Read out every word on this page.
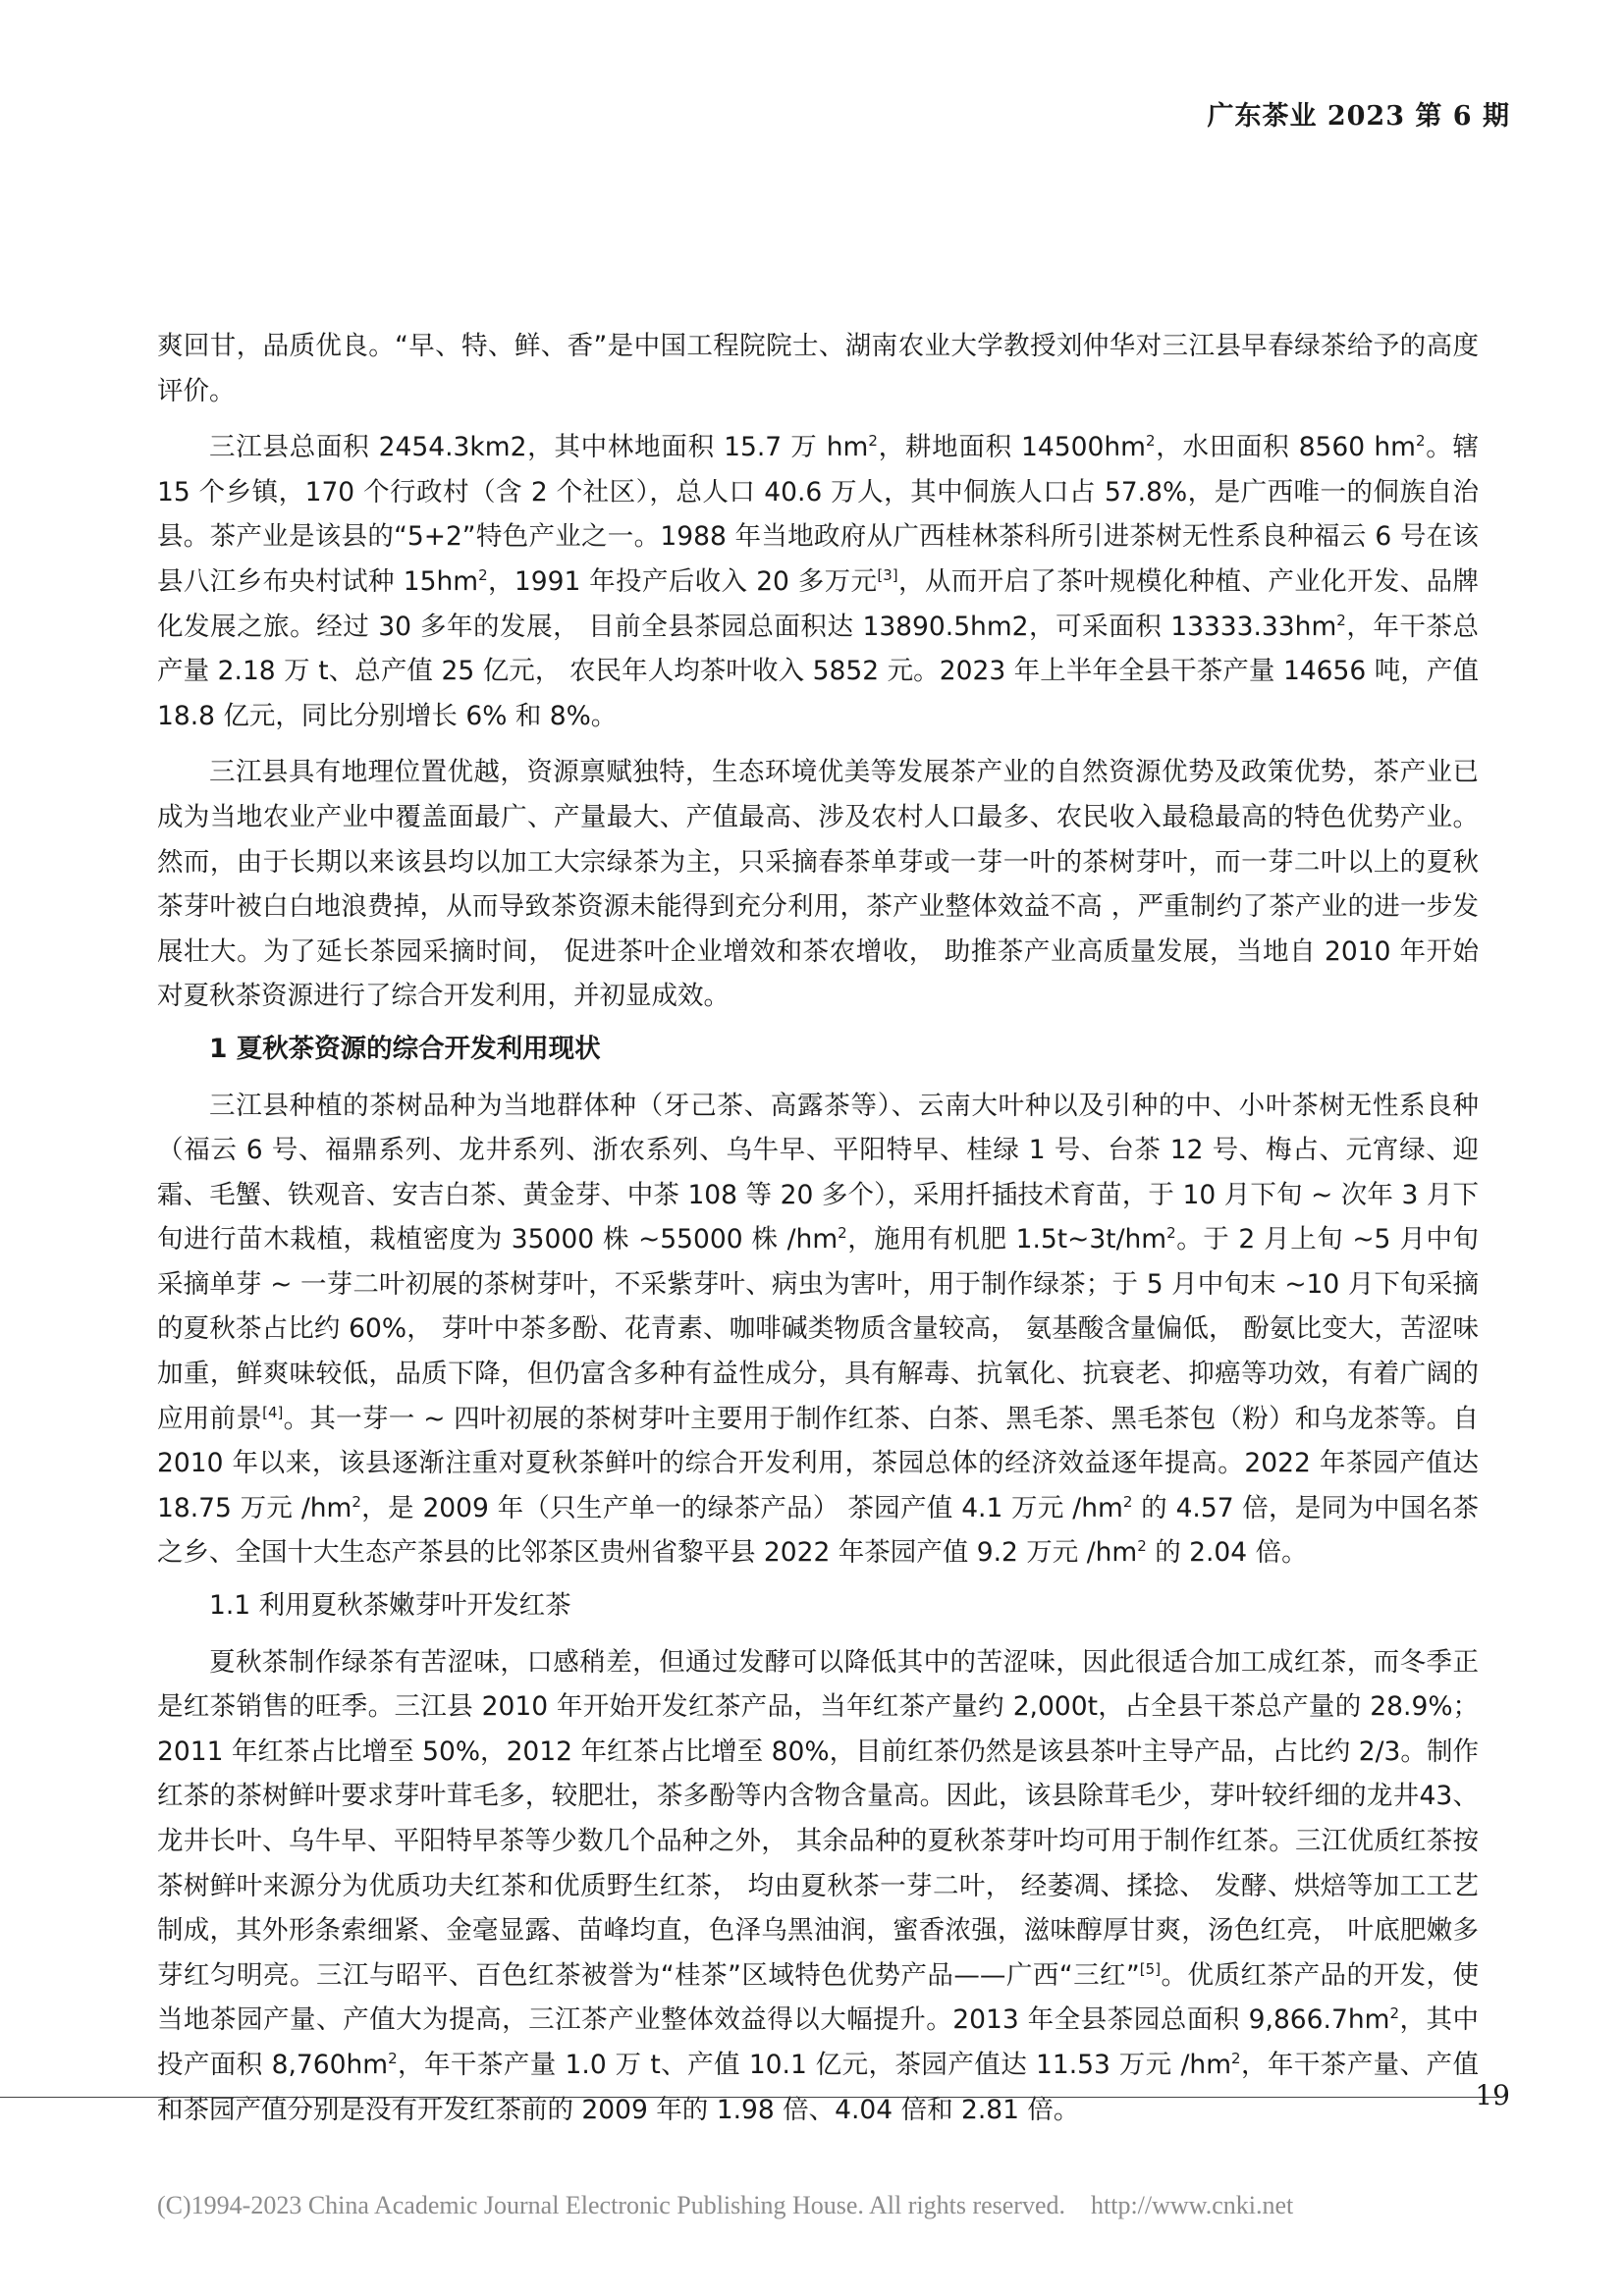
广东茶业 2023 第 6 期

爽回甘，品质优良。“早、特、鲜、香”是中国工程院院士、湖南农业大学教授刘仲华对三江县早春绿茶给予的高度评价。

三江县总面积 2454.3km2，其中林地面积 15.7 万 $hm^2$，耕地面积 $14500hm^2$，水田面积 8560 $hm^2$。辖 15 个乡镇，170 个行政村（含 2 个社区），总人口 40.6 万人，其中侗族人口占 57.8%，是广西唯一的侗族自治县。茶产业是该县的“5+2”特色产业之一。1988 年当地政府从广西桂林茶科所引进茶树无性系良种福云 6 号在该县八江乡布央村试种 $15hm^2$，1991 年投产后收入 20 多万元[3]，从而开启了茶叶规模化种植、产业化开发、品牌化发展之旅。经过 30 多年的发展， 目前全县茶园总面积达 13890.5hm2，可采面积 $13333.33hm^2$，年干茶总产量 2.18 万 t、总产值 25 亿元， 农民年人均茶叶收入 5852 元。2023 年上半年全县干茶产量 14656 吨，产值 18.8 亿元，同比分别增长 6% 和 8%。

三江县具有地理位置优越，资源禀赋独特，生态环境优美等发展茶产业的自然资源优势及政策优势，茶产业已成为当地农业产业中覆盖面最广、产量最大、产值最高、涉及农村人口最多、农民收入最稳最高的特色优势产业。然而，由于长期以来该县均以加工大宗绿茶为主，只采摘春茶单芽或一芽一叶的茶树芽叶，而一芽二叶以上的夏秋茶芽叶被白白地浪费掉，从而导致茶资源未能得到充分利用，茶产业整体效益不高 ，严重制约了茶产业的进一步发展壮大。为了延长茶园采摘时间， 促进茶叶企业增效和茶农增收， 助推茶产业高质量发展，当地自 2010 年开始对夏秋茶资源进行了综合开发利用，并初显成效。

1 夏秋茶资源的综合开发利用现状

三江县种植的茶树品种为当地群体种（牙己茶、高露茶等）、云南大叶种以及引种的中、小叶茶树无性系良种（福云 6 号、福鼎系列、龙井系列、浙农系列、乌牛早、平阳特早、桂绿 1 号、台茶 12 号、梅占、元宵绿、迎霜、毛蟹、铁观音、安吉白茶、黄金芽、中茶 108 等 20 多个），采用扦插技术育苗，于 10 月下旬 ~ 次年 3 月下旬进行苗木栽植，栽植密度为 35000 株 ~55000 株 $/hm^2$，施用有机肥 $1.5t\sim 3t/hm^2$。于 2 月上旬 ~5 月中旬采摘单芽 ~ 一芽二叶初展的茶树芽叶，不采紫芽叶、病虫为害叶，用于制作绿茶；于 5 月中旬末 ~10 月下旬采摘的夏秋茶占比约 60%， 芽叶中茶多酚、花青素、咖啡碱类物质含量较高， 氨基酸含量偏低， 酚氨比变大，苦涩味加重，鲜爽味较低，品质下降，但仍富含多种有益性成分，具有解毒、抗氧化、抗衰老、抑癌等功效，有着广阔的应用前景[4]。其一芽一 ~ 四叶初展的茶树芽叶主要用于制作红茶、白茶、黑毛茶、黑毛茶包（粉）和乌龙茶等。自 2010 年以来，该县逐渐注重对夏秋茶鲜叶的综合开发利用，茶园总体的经济效益逐年提高。2022 年茶园产值达 18.75 万元 $/hm^2$，是 2009 年（只生产单一的绿茶产品） 茶园产值 4.1 万元 $/hm^2$ 的 4.57 倍，是同为中国名茶之乡、全国十大生态产茶县的比邻茶区贵州省黎平县 2022 年茶园产值 9.2 万元 $/hm^2$ 的 2.04 倍。

1.1 利用夏秋茶嫩芽叶开发红茶

夏秋茶制作绿茶有苦涩味，口感稍差，但通过发酵可以降低其中的苦涩味，因此很适合加工成红茶，而冬季正是红茶销售的旺季。三江县 2010 年开始开发红茶产品，当年红茶产量约 2,000t，占全县干茶总产量的 28.9%；2011 年红茶占比增至 50%，2012 年红茶占比增至 80%，目前红茶仍然是该县茶叶主导产品，占比约 2/3。制作红茶的茶树鲜叶要求芽叶茸毛多，较肥壮，茶多酚等内含物含量高。因此，该县除茸毛少，芽叶较纤细的龙井43、龙井长叶、乌牛早、平阳特早茶等少数几个品种之外， 其余品种的夏秋茶芽叶均可用于制作红茶。三江优质红茶按茶树鲜叶来源分为优质功夫红茶和优质野生红茶， 均由夏秋茶一芽二叶， 经萎凋、揉捻、 发酵、烘焙等加工工艺制成，其外形条索细紧、金毫显露、苗峰均直，色泽乌黑油润，蜜香浓强，滋味醇厚甘爽，汤色红亮， 叶底肥嫩多芽红匀明亮。三江与昭平、百色红茶被誉为“桂茶”区域特色优势产品——广西“三红”[5]。优质红茶产品的开发，使当地茶园产量、产值大为提高，三江茶产业整体效益得以大幅提升。2013 年全县茶园总面积 $9,866.7hm^2$，其中投产面积 $8,760hm^2$，年干茶产量 1.0 万 t、产值 10.1 亿元，茶园产值达 11.53 万元 $/hm^2$，年干茶产量、产值和茶园产值分别是没有开发红茶前的 2009 年的 1.98 倍、4.04 倍和 2.81 倍。	19
(C)1994-2023 China Academic Journal Electronic Publishing House. All rights reserved.    http://www.cnki.net
